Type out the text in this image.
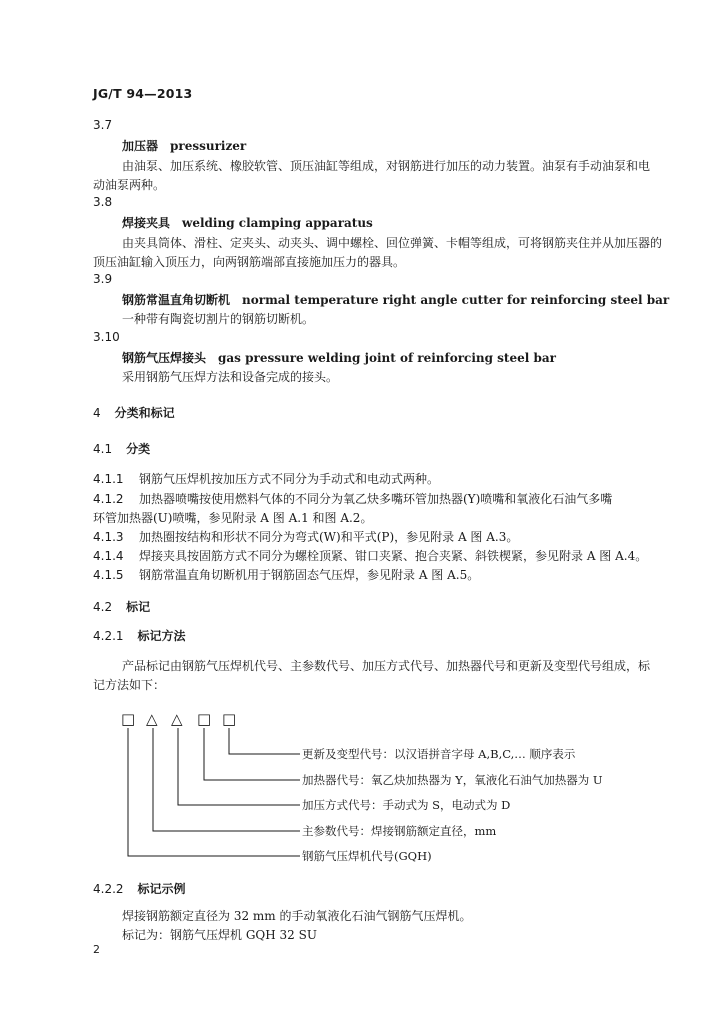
JG/T 94—2013
3.7
加压器 pressurizer
由油泵、加压系统、橡胶软管、顶压油缸等组成，对钢筋进行加压的动力装置。油泵有手动油泵和电
动油泵两种。
3.8
焊接夹具 welding clamping apparatus
由夹具筒体、滑柱、定夹头、动夹头、调中螺栓、回位弹簧、卡帽等组成，可将钢筋夹住并从加压器的
顶压油缸输入顶压力，向两钢筋端部直接施加压力的器具。
3.9
钢筋常温直角切断机 normal temperature right angle cutter for reinforcing steel bar
一种带有陶瓷切割片的钢筋切断机。
3.10
钢筋气压焊接头 gas pressure welding joint of reinforcing steel bar
采用钢筋气压焊方法和设备完成的接头。
4 分类和标记
4.1 分类
4.1.1 钢筋气压焊机按加压方式不同分为手动式和电动式两种。
4.1.2 加热器喷嘴按使用燃料气体的不同分为氧乙炔多嘴环管加热器(Y)喷嘴和氧液化石油气多嘴
环管加热器(U)喷嘴，参见附录 A 图 A.1 和图 A.2。
4.1.3 加热圈按结构和形状不同分为弯式(W)和平式(P)，参见附录 A 图 A.3。
4.1.4 焊接夹具按固筋方式不同分为螺栓顶紧、钳口夹紧、抱合夹紧、斜铁楔紧，参见附录 A 图 A.4。
4.1.5 钢筋常温直角切断机用于钢筋固态气压焊，参见附录 A 图 A.5。
4.2 标记
4.2.1 标记方法
产品标记由钢筋气压焊机代号、主参数代号、加压方式代号、加热器代号和更新及变型代号组成，标
记方法如下：
□ △ △ □ □
更新及变型代号：以汉语拼音字母 A,B,C,… 顺序表示
加热器代号：氧乙炔加热器为 Y，氧液化石油气加热器为 U
加压方式代号：手动式为 S，电动式为 D
主参数代号：焊接钢筋额定直径，mm
钢筋气压焊机代号(GQH)
4.2.2 标记示例
焊接钢筋额定直径为 32 mm 的手动氧液化石油气钢筋气压焊机。
标记为：钢筋气压焊机 GQH 32 SU
2
